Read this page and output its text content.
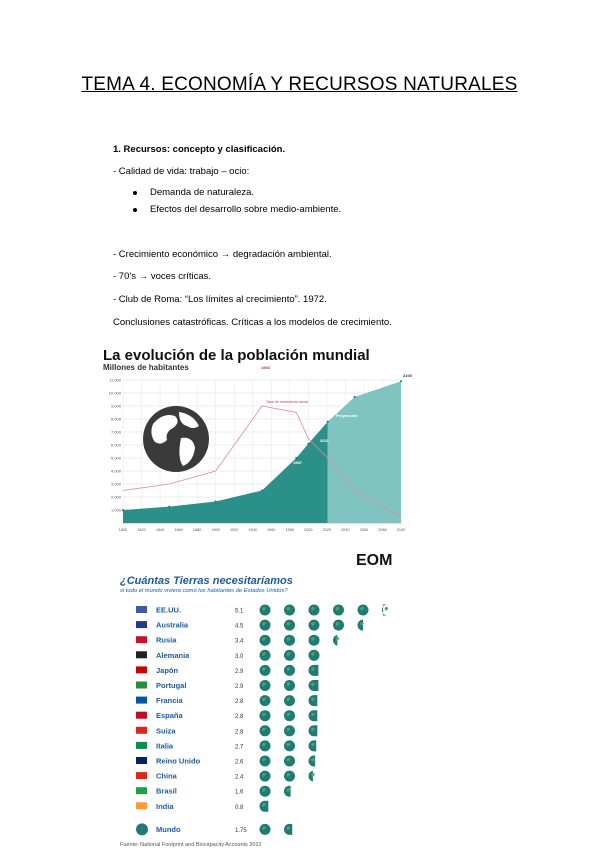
TEMA 4. ECONOMÍA Y RECURSOS NATURALES
1. Recursos: concepto y clasificación.
- Calidad de vida: trabajo – ocio:
Demanda de naturaleza.
Efectos del desarrollo sobre medio-ambiente.
- Crecimiento económico → degradación ambiental.
- 70’s → voces críticas.
- Club de Roma: “Los límites al crecimiento”. 1972.
Conclusiones catastróficas. Críticas a los modelos de crecimiento.
La evolución de la población mundial
Millones de habitantes
11.000
10.000
9.000
8.000
7.000
6.000
5.000
4.000
3.000
2.000
1.000
1800	1820	1840	1860	1880	1900	1920	1940	1960	1980	2000	2020	2040	2060	2080	2100
1968
2021
1987
1928
1803
2050
2100
Proyección
Tasa de crecimiento anual
EOM
¿Cuántas Tierras necesitaríamos
si todo el mundo viviera como los habitantes de Estados Unidos?
EE.UU.	5.1
Australia	4.5
Rusia	3.4
Alemania	3.0
Japón	2.9
Portugal	2.9
Francia	2.8
España	2.8
Suiza	2.8
Italia	2.7
Reino Unido	2.6
China	2.4
Brasil	1.6
India	0.8
Mundo	1.75
Fuente: National Footprint and Biocapacity Accounts 2022
